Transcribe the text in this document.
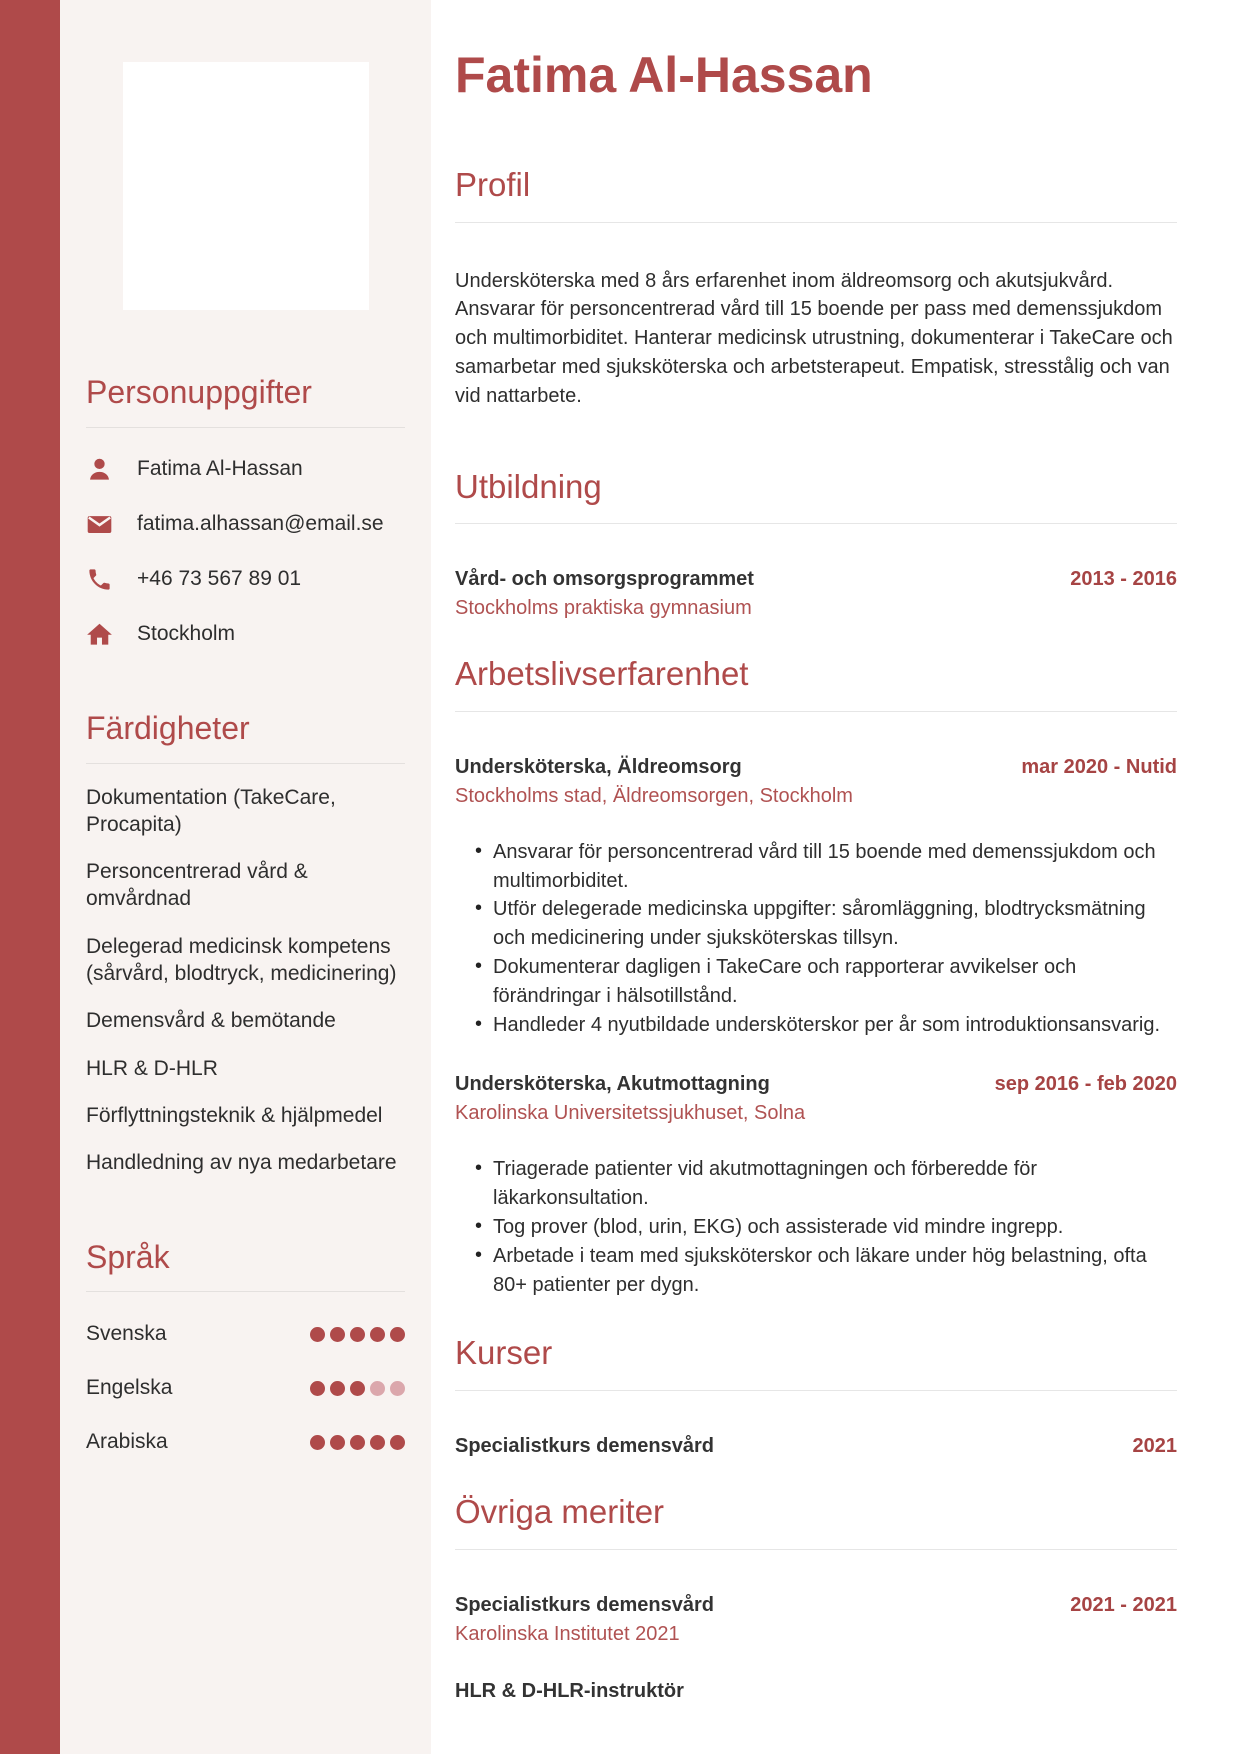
Personuppgifter
Fatima Al-Hassan
fatima.alhassan@email.se
+46 73 567 89 01
Stockholm
Färdigheter
Dokumentation (TakeCare, Procapita)
Personcentrerad vård & omvårdnad
Delegerad medicinsk kompetens (sårvård, blodtryck, medicinering)
Demensvård & bemötande
HLR & D-HLR
Förflyttningsteknik & hjälpmedel
Handledning av nya medarbetare
Språk
Svenska
Engelska
Arabiska
Fatima Al-Hassan
Profil

Undersköterska med 8 års erfarenhet inom äldreomsorg och akutsjukvård. Ansvarar för personcentrerad vård till 15 boende per pass med demenssjukdom och multimorbiditet. Hanterar medicinsk utrustning, dokumenterar i TakeCare och samarbetar med sjuksköterska och arbetsterapeut. Empatisk, stresstålig och van vid nattarbete.

Utbildning
Vård- och omsorgsprogrammet	2013 - 2016
Stockholms praktiska gymnasium
Arbetslivserfarenhet
Undersköterska, Äldreomsorg	mar 2020 - Nutid
Stockholms stad, Äldreomsorgen, Stockholm
• Ansvarar för personcentrerad vård till 15 boende med demenssjukdom och multimorbiditet.
• Utför delegerade medicinska uppgifter: såromläggning, blodtrycksmätning och medicinering under sjuksköterskas tillsyn.
• Dokumenterar dagligen i TakeCare och rapporterar avvikelser och förändringar i hälsotillstånd.
• Handleder 4 nyutbildade undersköterskor per år som introduktionsansvarig.
Undersköterska, Akutmottagning	sep 2016 - feb 2020
Karolinska Universitetssjukhuset, Solna
• Triagerade patienter vid akutmottagningen och förberedde för läkarkonsultation.
• Tog prover (blod, urin, EKG) och assisterade vid mindre ingrepp.
• Arbetade i team med sjuksköterskor och läkare under hög belastning, ofta 80+ patienter per dygn.
Kurser
Specialistkurs demensvård	2021
Övriga meriter
Specialistkurs demensvård	2021 - 2021
Karolinska Institutet 2021
HLR & D-HLR-instruktör
